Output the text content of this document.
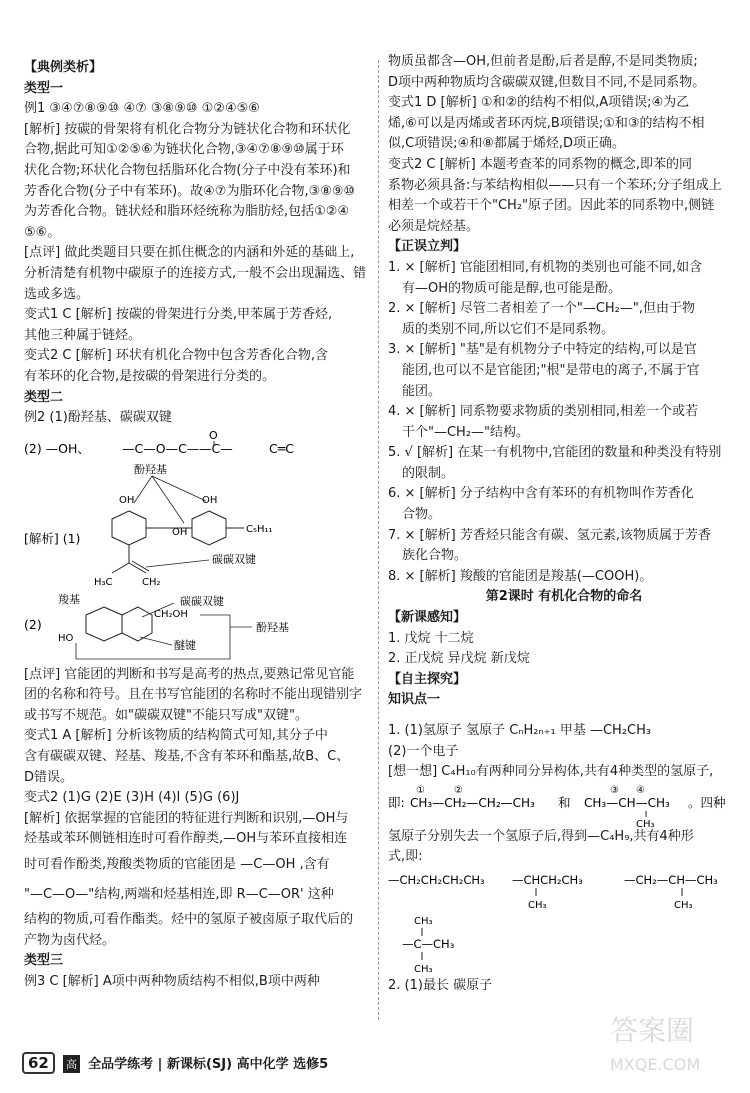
【典例类析】

类型一

例1 ③④⑦⑧⑨⑩ ④⑦ ③⑧⑨⑩ ①②④⑤⑥

[解析] 按碳的骨架将有机化合物分为链状化合物和环状化

合物,据此可知①②⑤⑥为链状化合物,③④⑦⑧⑨⑩属于环

状化合物;环状化合物包括脂环化合物(分子中没有苯环)和

芳香化合物(分子中有苯环)。故④⑦为脂环化合物,③⑧⑨⑩

为芳香化合物。链状烃和脂环烃统称为脂肪烃,包括①②④

⑤⑥。

[点评] 做此类题目只要在抓住概念的内涵和外延的基础上,

分析清楚有机物中碳原子的连接方式,一般不会出现漏选、错

选或多选。

变式1 C [解析] 按碳的骨架进行分类,甲苯属于芳香烃,

其他三种属于链烃。

变式2 C [解析] 环状有机化合物中包含芳香化合物,含

有苯环的化合物,是按碳的骨架进行分类的。

类型二

例2 (1)酚羟基、碳碳双键

(2) —OH、	—C—O—C— —C—
O
C═C
[解析] (1)
酚羟基
OH	OH
OH	C₅H₁₁
H₃C	CH₂
碳碳双键
(2)
羧基
CH₂OH
HO
碳碳双键
醚键
酚羟基

[点评] 官能团的判断和书写是高考的热点,要熟记常见官能

团的名称和符号。且在书写官能团的名称时不能出现错别字

或书写不规范。如"碳碳双键"不能只写成"双键"。

变式1 A [解析] 分析该物质的结构简式可知,其分子中

含有碳碳双键、羟基、羧基,不含有苯环和酯基,故B、C、

D错误。

变式2 (1)G (2)E (3)H (4)I (5)G (6)J

[解析] 依据掌握的官能团的特征进行判断和识别,—OH与

烃基或苯环侧链相连时可看作醇类,—OH与苯环直接相连

时可看作酚类,羧酸类物质的官能团是 —C—OH ,含有

"—C—O—"结构,两端和烃基相连,即 R—C—OR' 这种

结构的物质,可看作酯类。烃中的氢原子被卤原子取代后的

产物为卤代烃。

类型三

例3 C [解析] A项中两种物质结构不相似,B项中两种

物质虽都含—OH,但前者是酚,后者是醇,不是同类物质;

D项中两种物质均含碳碳双键,但数目不同,不是同系物。

变式1 D [解析] ①和②的结构不相似,A项错误;④为乙

烯,⑥可以是丙烯或者环丙烷,B项错误;①和③的结构不相

似,C项错误;④和⑧都属于烯烃,D项正确。

变式2 C [解析] 本题考查苯的同系物的概念,即苯的同

系物必须具备:与苯结构相似——只有一个苯环;分子组成上

相差一个或若干个"CH₂"原子团。因此苯的同系物中,侧链

必须是烷烃基。

【正误立判】

1. × [解析] 官能团相同,有机物的类别也可能不同,如含

有—OH的物质可能是醇,也可能是酚。

2. × [解析] 尽管二者相差了一个"—CH₂—",但由于物

质的类别不同,所以它们不是同系物。

3. × [解析] "基"是有机物分子中特定的结构,可以是官

能团,也可以不是官能团;"根"是带电的离子,不属于官

能团。

4. × [解析] 同系物要求物质的类别相同,相差一个或若

干个"—CH₂—"结构。

5. √ [解析] 在某一有机物中,官能团的数量和种类没有特别

的限制。

6. × [解析] 分子结构中含有苯环的有机物叫作芳香化

合物。

7. × [解析] 芳香烃只能含有碳、氢元素,该物质属于芳香

族化合物。

8. × [解析] 羧酸的官能团是羧基(—COOH)。

第2课时 有机化合物的命名

【新课感知】

1. 戊烷 十二烷

2. 正戊烷 异戊烷 新戊烷

【自主探究】

知识点一

1. (1)氢原子 氢原子 CₙH₂ₙ₊₁ 甲基 —CH₂CH₃

(2)一个电子

[想一想] C₄H₁₀有两种同分异构体,共有4种类型的氢原子,

①	②	③ ④
即: CH₃—CH₂—CH₂—CH₃ 和 CH₃—CH—CH₃
CH₃
。四种

氢原子分别失去一个氢原子后,得到—C₄H₉,共有4种形

式,即:

—CH₂CH₂CH₂CH₃ —CHCH₂CH₃
CH₃
—CH₂—CH—CH₃
CH₃
CH₃
—C—CH₃
CH₃

2. (1)最长 碳原子

62 高 全品学练考 | 新课标(SJ) 高中化学 选修5
答案圈
MXQE.COM
